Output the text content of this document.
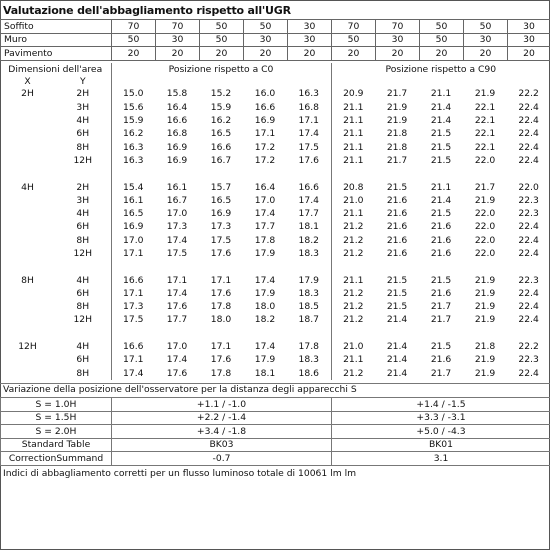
Valutazione dell'abbagliamento rispetto all'UGR
Soffito	70	70	50	50	30	70	70	50	50	30
Muro	50	30	50	30	30	50	30	50	30	30
Pavimento	20	20	20	20	20	20	20	20	20	20
Dimensioni dell'area		Posizione rispetto a C0					Posizione rispetto a C90				
X	Y										
2H	2H	15.0	15.8	15.2	16.0	16.3	20.9	21.7	21.1	21.9	22.2
	3H	15.6	16.4	15.9	16.6	16.8	21.1	21.9	21.4	22.1	22.4
	4H	15.9	16.6	16.2	16.9	17.1	21.1	21.9	21.4	22.1	22.4
	6H	16.2	16.8	16.5	17.1	17.4	21.1	21.8	21.5	22.1	22.4
	8H	16.3	16.9	16.6	17.2	17.5	21.1	21.8	21.5	22.1	22.4
	12H	16.3	16.9	16.7	17.2	17.6	21.1	21.7	21.5	22.0	22.4

4H	2H	15.4	16.1	15.7	16.4	16.6	20.8	21.5	21.1	21.7	22.0
	3H	16.1	16.7	16.5	17.0	17.4	21.0	21.6	21.4	21.9	22.3
	4H	16.5	17.0	16.9	17.4	17.7	21.1	21.6	21.5	22.0	22.3
	6H	16.9	17.3	17.3	17.7	18.1	21.2	21.6	21.6	22.0	22.4
	8H	17.0	17.4	17.5	17.8	18.2	21.2	21.6	21.6	22.0	22.4
	12H	17.1	17.5	17.6	17.9	18.3	21.2	21.6	21.6	22.0	22.4

8H	4H	16.6	17.1	17.1	17.4	17.9	21.1	21.5	21.5	21.9	22.3
	6H	17.1	17.4	17.6	17.9	18.3	21.2	21.5	21.6	21.9	22.4
	8H	17.3	17.6	17.8	18.0	18.5	21.2	21.5	21.7	21.9	22.4
	12H	17.5	17.7	18.0	18.2	18.7	21.2	21.4	21.7	21.9	22.4

12H	4H	16.6	17.0	17.1	17.4	17.8	21.0	21.4	21.5	21.8	22.2
	6H	17.1	17.4	17.6	17.9	18.3	21.1	21.4	21.6	21.9	22.3
	8H	17.4	17.6	17.8	18.1	18.6	21.2	21.4	21.7	21.9	22.4
Variazione della posizione dell'osservatore per la distanza degli apparecchi S
S = 1.0H	+1.1 / -1.0	+1.4 / -1.5
S = 1.5H	+2.2 / -1.4	+3.3 / -3.1
S = 2.0H	+3.4 / -1.8	+5.0 / -4.3
Standard Table	BK03	BK01
CorrectionSummand	-0.7	3.1
Indici di abbagliamento corretti per un flusso luminoso totale di 10061 lm lm
